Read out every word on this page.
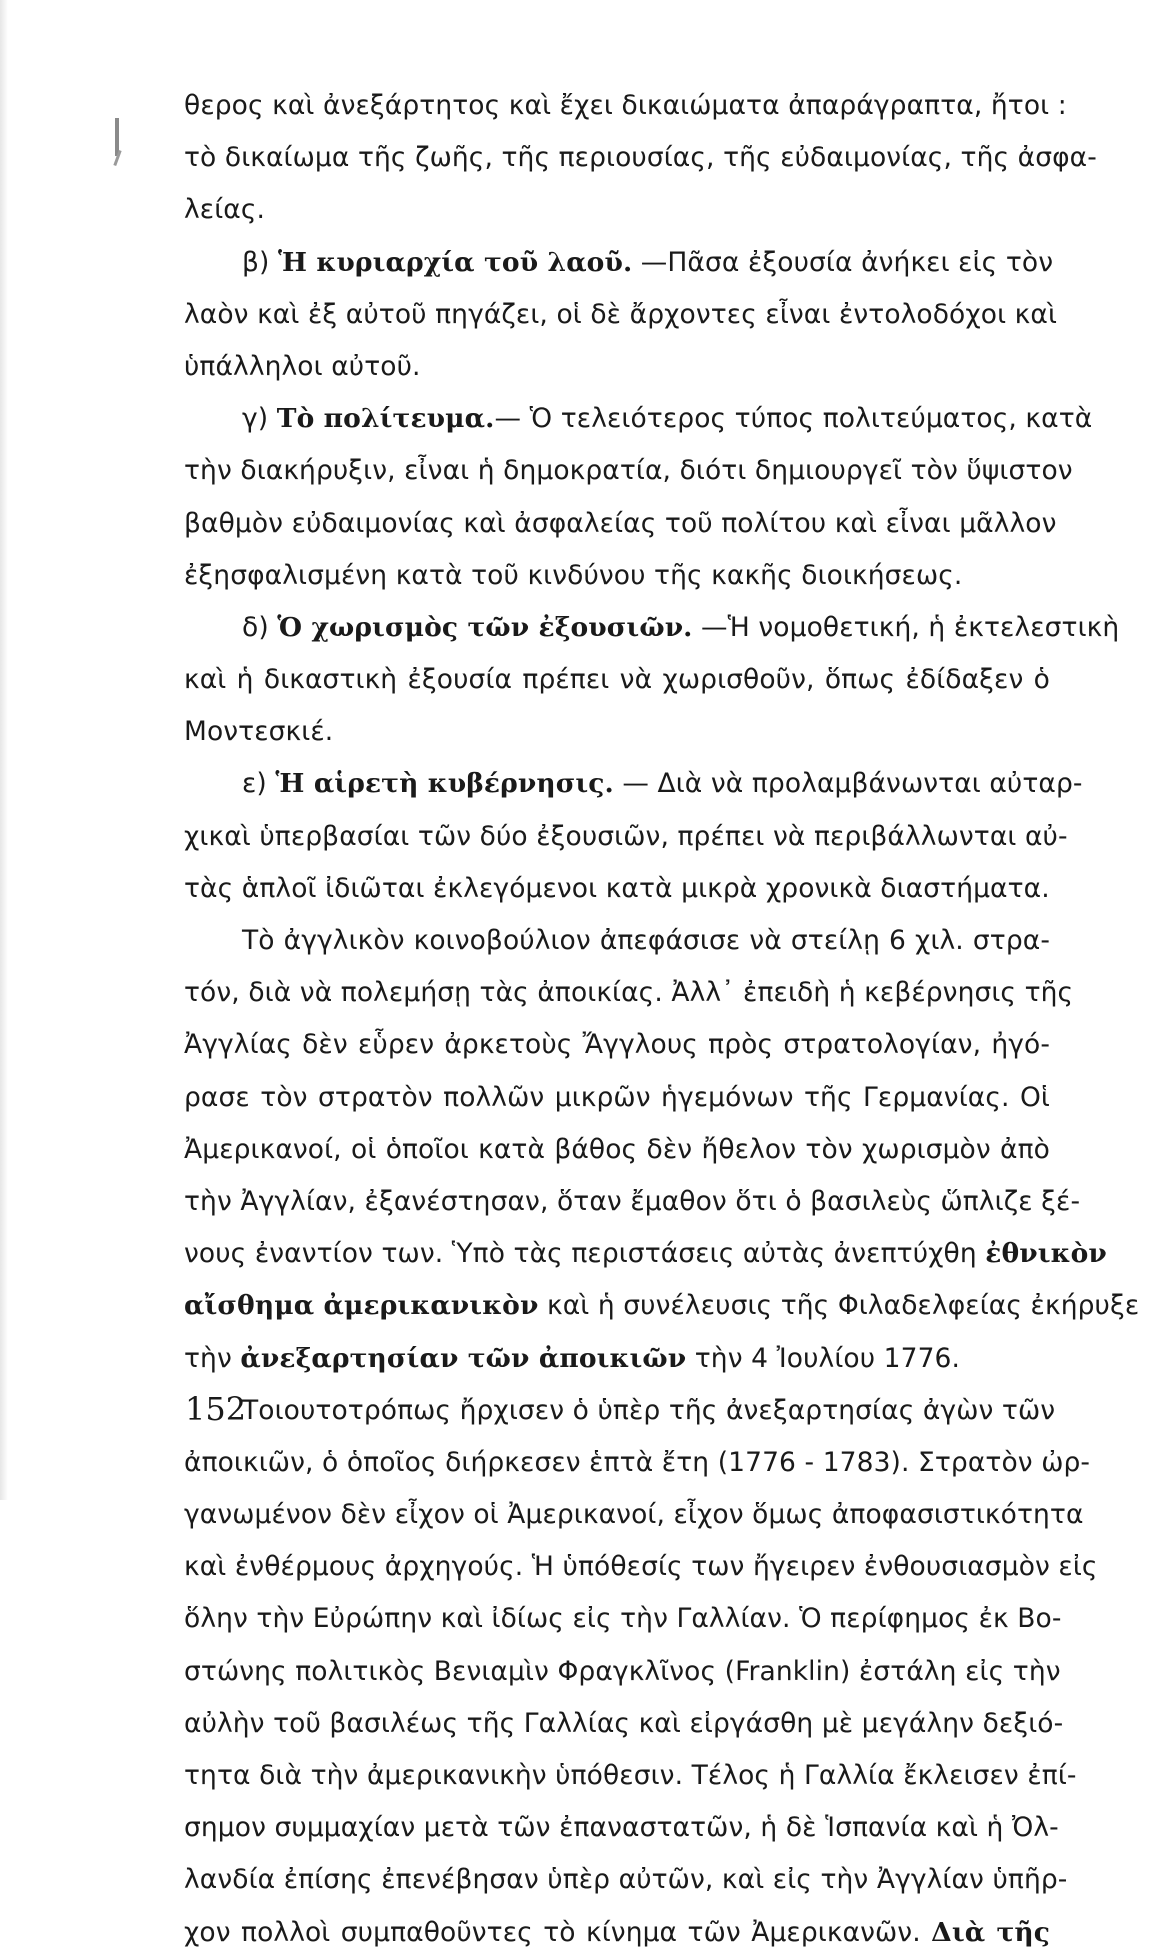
θερος καὶ ἀνεξάρτητος καὶ ἔχει δικαιώματα ἀπαράγραπτα, ἤτοι :
τὸ δικαίωμα τῆς ζωῆς, τῆς περιουσίας, τῆς εὐδαιμονίας, τῆς ἀσφα-
λείας.
β) Ἡ κυριαρχία τοῦ λαοῦ. —Πᾶσα ἐξουσία ἀνήκει εἰς τὸν
λαὸν καὶ ἐξ αὐτοῦ πηγάζει, οἱ δὲ ἄρχοντες εἶναι ἐντολοδόχοι καὶ
ὑπάλληλοι αὐτοῦ.
γ) Τὸ πολίτευμα.— Ὁ τελειότερος τύπος πολιτεύματος, κατὰ
τὴν διακήρυξιν, εἶναι ἡ δημοκρατία, διότι δημιουργεῖ τὸν ὕψιστον
βαθμὸν εὐδαιμονίας καὶ ἀσφαλείας τοῦ πολίτου καὶ εἶναι μᾶλλον
ἐξησφαλισμένη κατὰ τοῦ κινδύνου τῆς κακῆς διοικήσεως.
δ) Ὁ χωρισμὸς τῶν ἐξουσιῶν. —Ἡ νομοθετική, ἡ ἐκτελεστικὴ
καὶ ἡ δικαστικὴ ἐξουσία πρέπει νὰ χωρισθοῦν, ὅπως ἐδίδαξεν ὁ
Μοντεσκιέ.
ε) Ἡ αἱρετὴ κυβέρνησις. — Διὰ νὰ προλαμβάνωνται αὐταρ-
χικαὶ ὑπερβασίαι τῶν δύο ἐξουσιῶν, πρέπει νὰ περιβάλλωνται αὐ-
τὰς ἁπλοῖ ἰδιῶται ἐκλεγόμενοι κατὰ μικρὰ χρονικὰ διαστήματα.
Τὸ ἀγγλικὸν κοινοβούλιον ἀπεφάσισε νὰ στείλῃ 6 χιλ. στρα-
τόν, διὰ νὰ πολεμήσῃ τὰς ἀποικίας. Ἀλλ᾽ ἐπειδὴ ἡ κεβέρνησις τῆς
Ἀγγλίας δὲν εὗρεν ἀρκετοὺς Ἄγγλους πρὸς στρατολογίαν, ἠγό-
ρασε τὸν στρατὸν πολλῶν μικρῶν ἡγεμόνων τῆς Γερμανίας. Οἱ
Ἀμερικανοί, οἱ ὁποῖοι κατὰ βάθος δὲν ἤθελον τὸν χωρισμὸν ἀπὸ
τὴν Ἀγγλίαν, ἐξανέστησαν, ὅταν ἔμαθον ὅτι ὁ βασιλεὺς ὥπλιζε ξέ-
νους ἐναντίον των. Ὑπὸ τὰς περιστάσεις αὐτὰς ἀνεπτύχθη ἐθνικὸν
αἴσθημα ἀμερικανικὸν καὶ ἡ συνέλευσις τῆς Φιλαδελφείας ἐκήρυξε
τὴν ἀνεξαρτησίαν τῶν ἀποικιῶν τὴν 4 Ἰουλίου 1776.
Τοιουτοτρόπως ἤρχισεν ὁ ὑπὲρ τῆς ἀνεξαρτησίας ἀγὼν τῶν
ἀποικιῶν, ὁ ὁποῖος διήρκεσεν ἑπτὰ ἔτη (1776 - 1783). Στρατὸν ὠρ-
γανωμένον δὲν εἶχον οἱ Ἀμερικανοί, εἶχον ὅμως ἀποφασιστικότητα
καὶ ἐνθέρμους ἀρχηγούς. Ἡ ὑπόθεσίς των ἤγειρεν ἐνθουσιασμὸν εἰς
ὅλην τὴν Εὐρώπην καὶ ἰδίως εἰς τὴν Γαλλίαν. Ὁ περίφημος ἐκ Βο-
στώνης πολιτικὸς Βενιαμὶν Φραγκλῖνος (Franklin) ἐστάλη εἰς τὴν
αὐλὴν τοῦ βασιλέως τῆς Γαλλίας καὶ εἰργάσθη μὲ μεγάλην δεξιό-
τητα διὰ τὴν ἀμερικανικὴν ὑπόθεσιν. Τέλος ἡ Γαλλία ἔκλεισεν ἐπί-
σημον συμμαχίαν μετὰ τῶν ἐπαναστατῶν, ἡ δὲ Ἱσπανία καὶ ἡ Ὀλ-
λανδία ἐπίσης ἐπενέβησαν ὑπὲρ αὐτῶν, καὶ εἰς τὴν Ἀγγλίαν ὑπῆρ-
χον πολλοὶ συμπαθοῦντες τὸ κίνημα τῶν Ἀμερικανῶν. Διὰ τῆς
152
